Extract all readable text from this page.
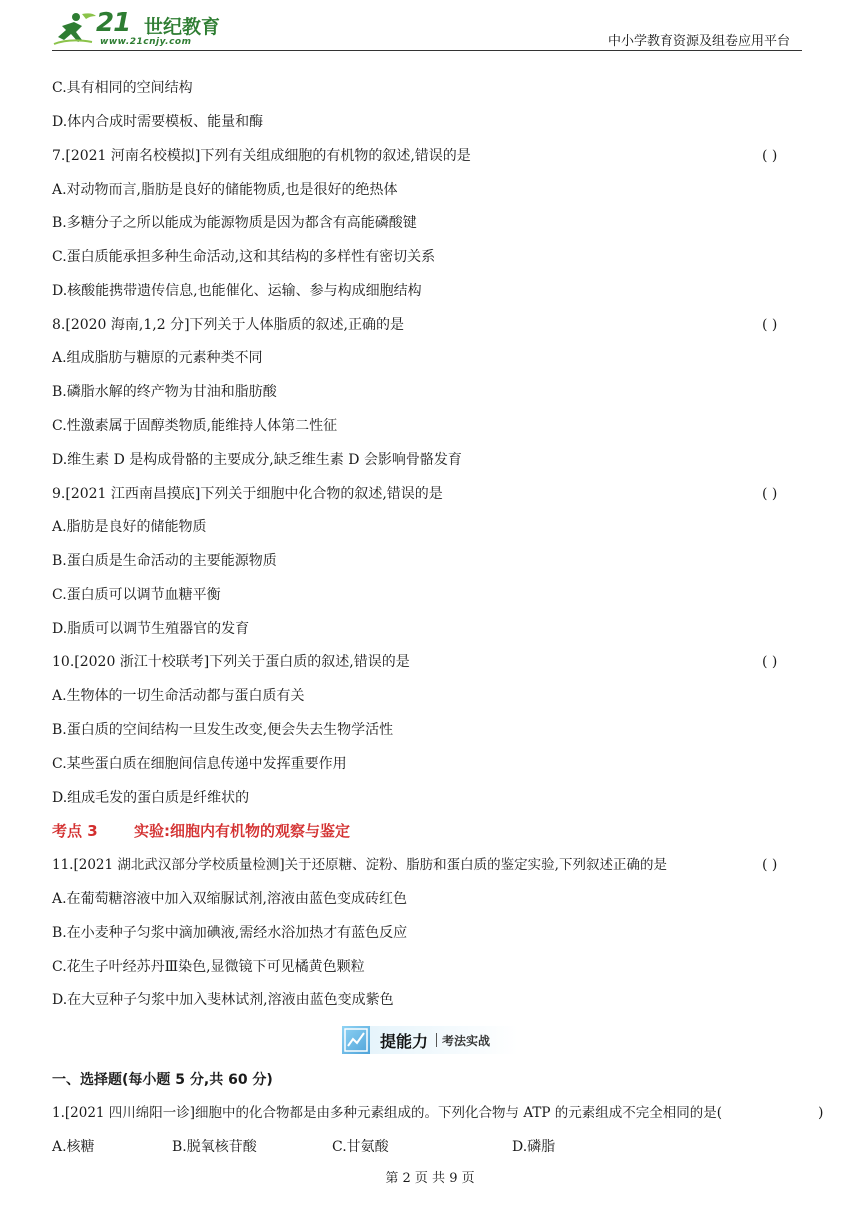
21 世纪教育
www.21cnjy.com	中小学教育资源及组卷应用平台
C.具有相同的空间结构
D.体内合成时需要模板、能量和酶
7.[2021 河南名校模拟]下列有关组成细胞的有机物的叙述,错误的是	( )
A.对动物而言,脂肪是良好的储能物质,也是很好的绝热体
B.多糖分子之所以能成为能源物质是因为都含有高能磷酸键
C.蛋白质能承担多种生命活动,这和其结构的多样性有密切关系
D.核酸能携带遗传信息,也能催化、运输、参与构成细胞结构
8.[2020 海南,1,2 分]下列关于人体脂质的叙述,正确的是	( )
A.组成脂肪与糖原的元素种类不同
B.磷脂水解的终产物为甘油和脂肪酸
C.性激素属于固醇类物质,能维持人体第二性征
D.维生素 D 是构成骨骼的主要成分,缺乏维生素 D 会影响骨骼发育
9.[2021 江西南昌摸底]下列关于细胞中化合物的叙述,错误的是	( )
A.脂肪是良好的储能物质
B.蛋白质是生命活动的主要能源物质
C.蛋白质可以调节血糖平衡
D.脂质可以调节生殖器官的发育
10.[2020 浙江十校联考]下列关于蛋白质的叙述,错误的是	( )
A.生物体的一切生命活动都与蛋白质有关
B.蛋白质的空间结构一旦发生改变,便会失去生物学活性
C.某些蛋白质在细胞间信息传递中发挥重要作用
D.组成毛发的蛋白质是纤维状的
考点 3 实验:细胞内有机物的观察与鉴定
11.[2021 湖北武汉部分学校质量检测]关于还原糖、淀粉、脂肪和蛋白质的鉴定实验,下列叙述正确的是	( )
A.在葡萄糖溶液中加入双缩脲试剂,溶液由蓝色变成砖红色
B.在小麦种子匀浆中滴加碘液,需经水浴加热才有蓝色反应
C.花生子叶经苏丹Ⅲ染色,显微镜下可见橘黄色颗粒
D.在大豆种子匀浆中加入斐林试剂,溶液由蓝色变成紫色
提能力 考法实战
一、选择题(每小题 5 分,共 60 分)
1.[2021 四川绵阳一诊]细胞中的化合物都是由多种元素组成的。下列化合物与 ATP 的元素组成不完全相同的是(	)
A.核糖	B.脱氧核苷酸	C.甘氨酸	D.磷脂
第 2 页 共 9 页
